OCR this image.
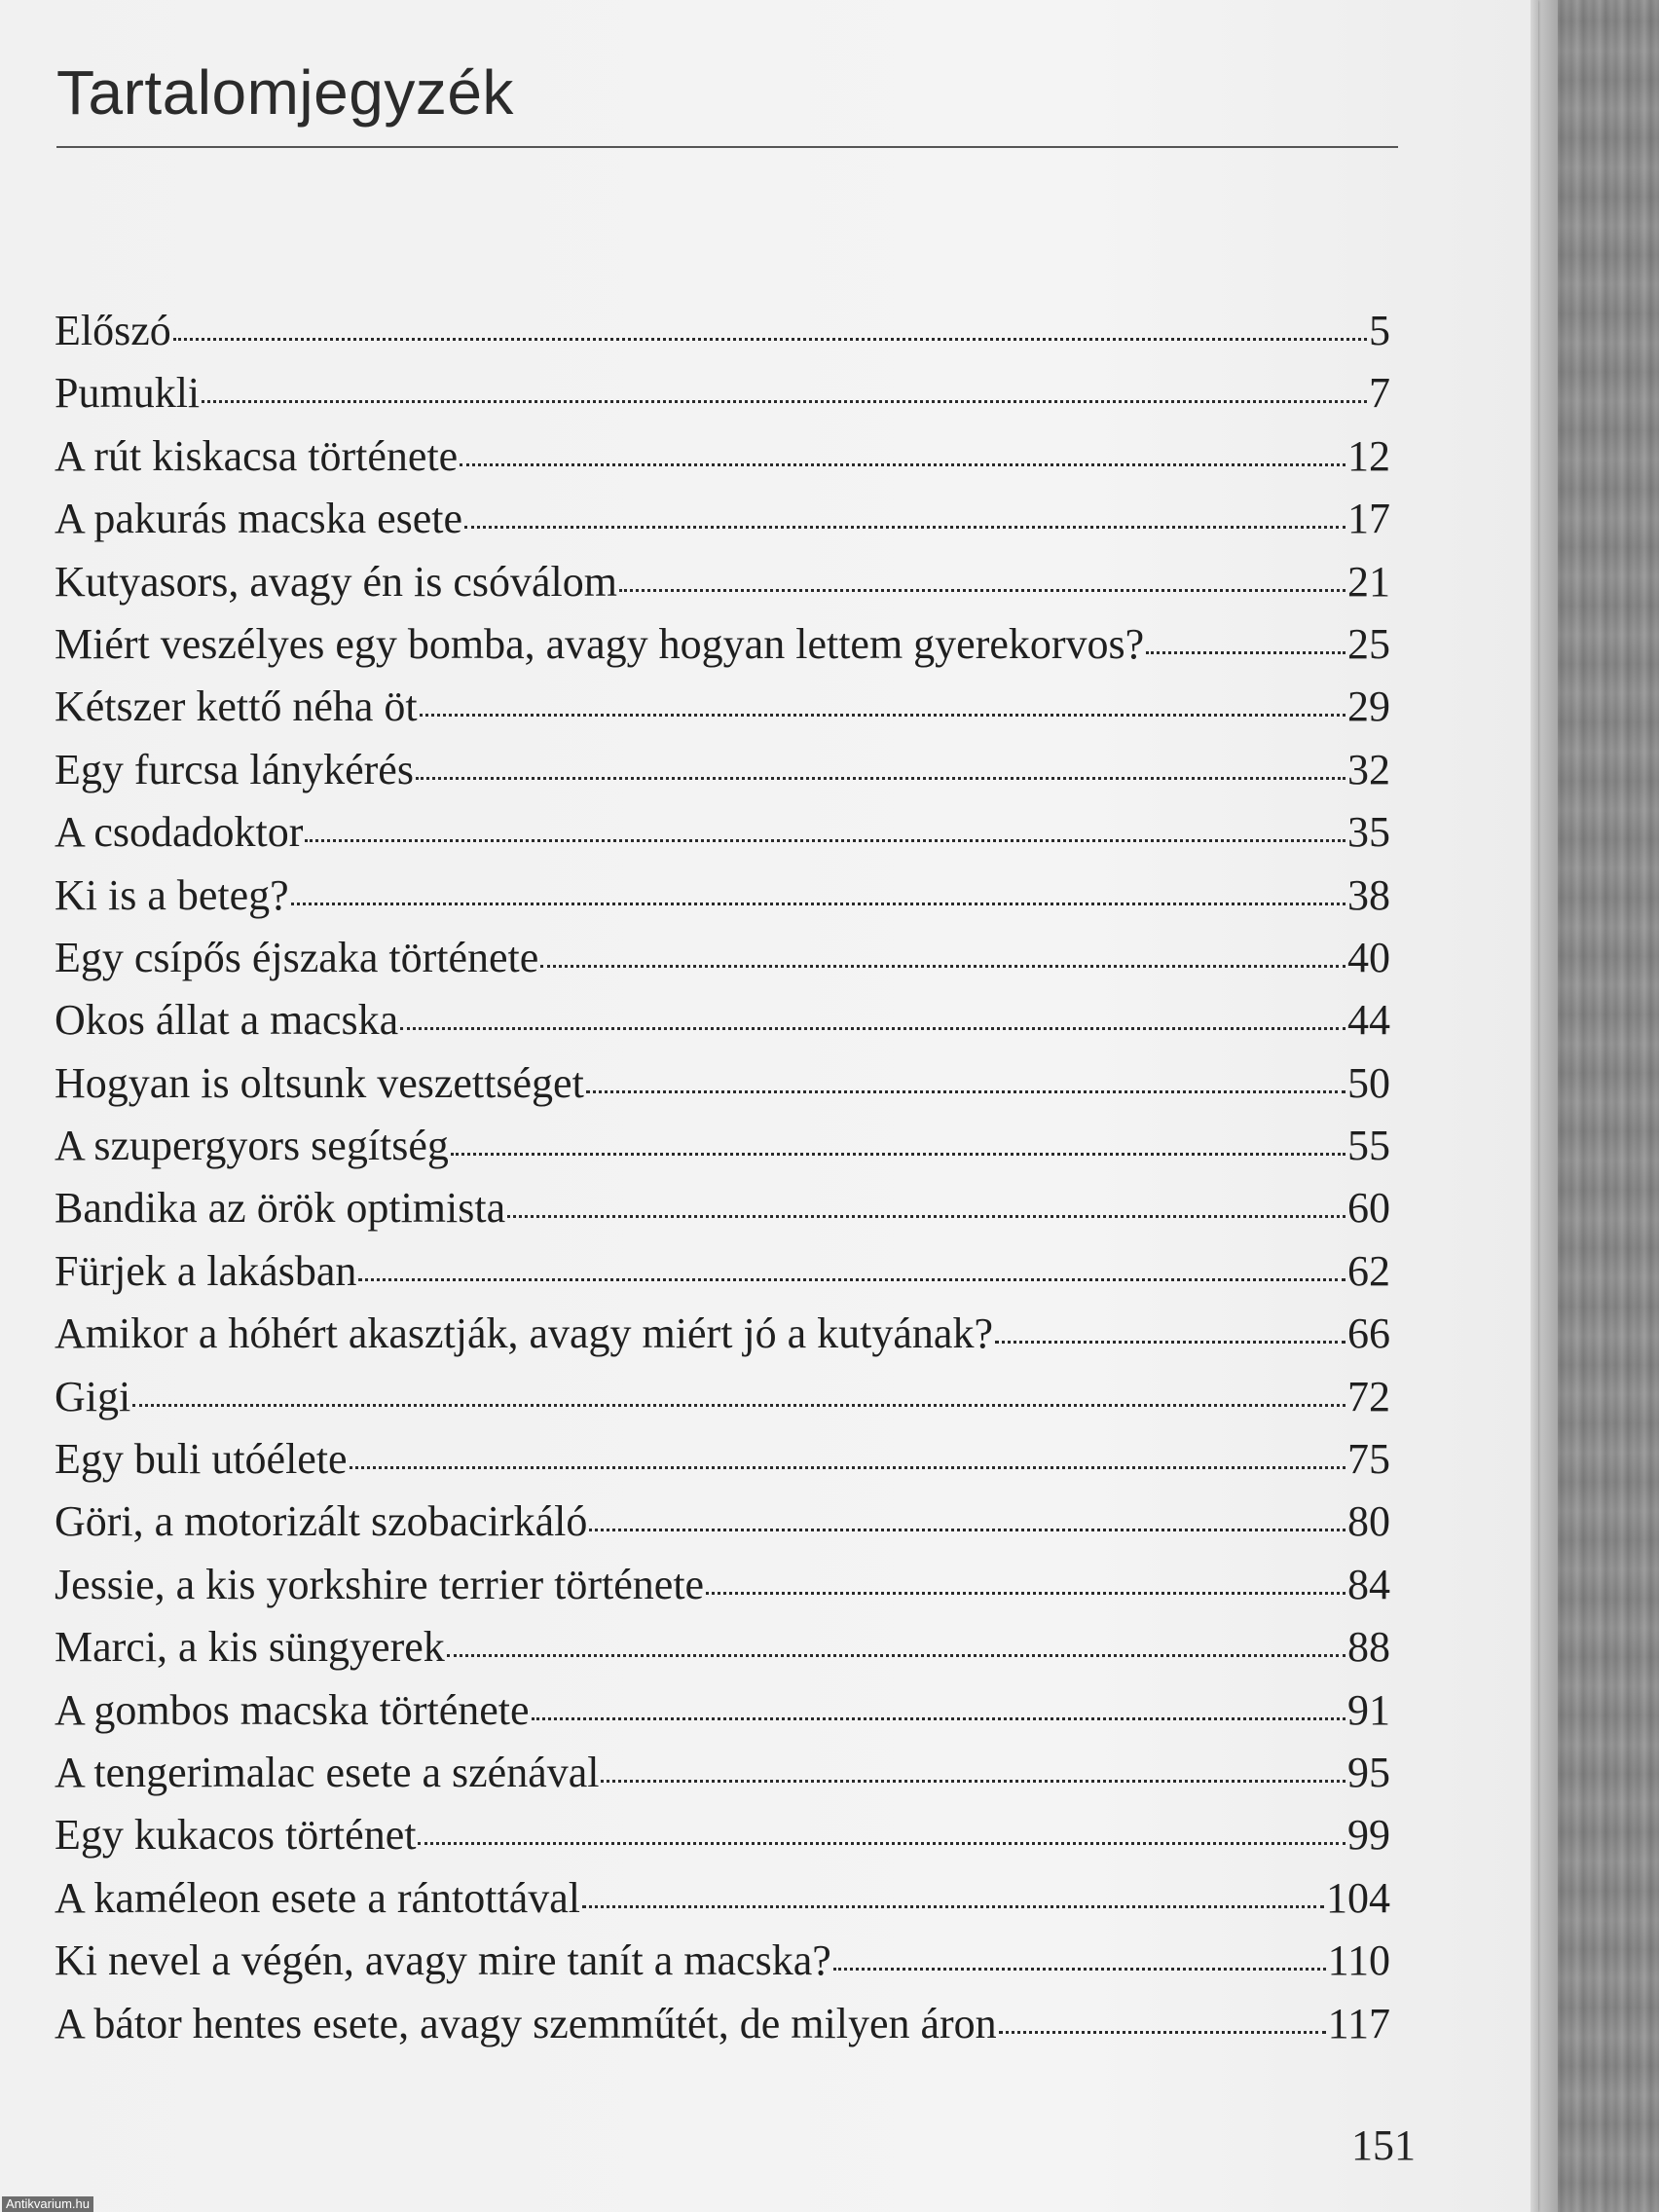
Tartalomjegyzék
Előszó	5
Pumukli	7
A rút kiskacsa története	12
A pakurás macska esete	17
Kutyasors, avagy én is csóválom	21
Miért veszélyes egy bomba, avagy hogyan lettem gyerekorvos?	25
Kétszer kettő néha öt	29
Egy furcsa lánykérés	32
A csodadoktor	35
Ki is a beteg?	38
Egy csípős éjszaka története	40
Okos állat a macska	44
Hogyan is oltsunk veszettséget	50
A szupergyors segítség	55
Bandika az örök optimista	60
Fürjek a lakásban	62
Amikor a hóhért akasztják, avagy miért jó a kutyának?	66
Gigi	72
Egy buli utóélete	75
Göri, a motorizált szobacirkáló	80
Jessie, a kis yorkshire terrier története	84
Marci, a kis süngyerek	88
A gombos macska története	91
A tengerimalac esete a szénával	95
Egy kukacos történet	99
A kaméleon esete a rántottával	104
Ki nevel a végén, avagy mire tanít a macska?	110
A bátor hentes esete, avagy szemműtét, de milyen áron	117
151
Antikvarium.hu
